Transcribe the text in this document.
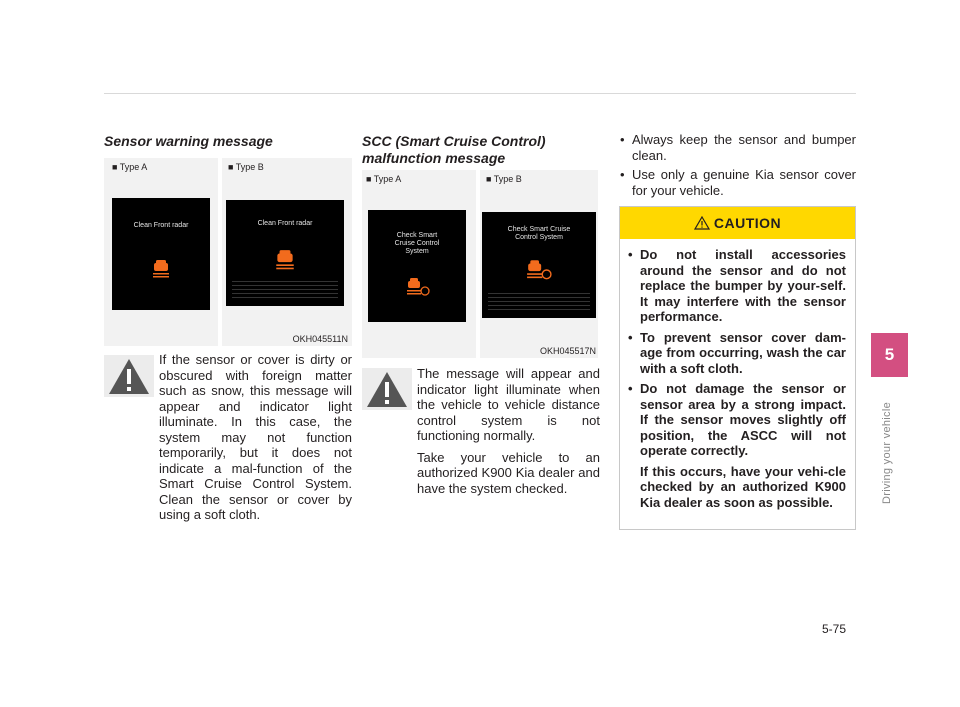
Sensor warning message
■ Type A	■ Type B
Clean Front radar	Clean Front radar
OKH045511N

If the sensor or cover is dirty or obscured with foreign matter such as snow, this message will appear and indicator light illuminate. In this case, the system may not function temporarily, but it does not indicate a mal-function of the Smart Cruise Control System. Clean the sensor or cover by using a soft cloth.

SCC (Smart Cruise Control) malfunction message
■ Type A	■ Type B
Check Smart Cruise Control System
Check Smart Cruise Control System
OKH045517N

The message will appear and indicator light illuminate when the vehicle to vehicle distance control system is not functioning normally.

Take your vehicle to an authorized K900 Kia dealer and have the system checked.

• Always keep the sensor and bumper clean.
• Use only a genuine Kia sensor cover for your vehicle.
CAUTION
• Do not install accessories around the sensor and do not replace the bumper by your-self. It may interfere with the sensor performance.
• To prevent sensor cover dam-age from occurring, wash the car with a soft cloth.
• Do not damage the sensor or sensor area by a strong impact. If the sensor moves slightly off position, the ASCC will not operate correctly.
If this occurs, have your vehi-cle checked by an authorized K900 Kia dealer as soon as possible.
5
Driving your vehicle
5-75
